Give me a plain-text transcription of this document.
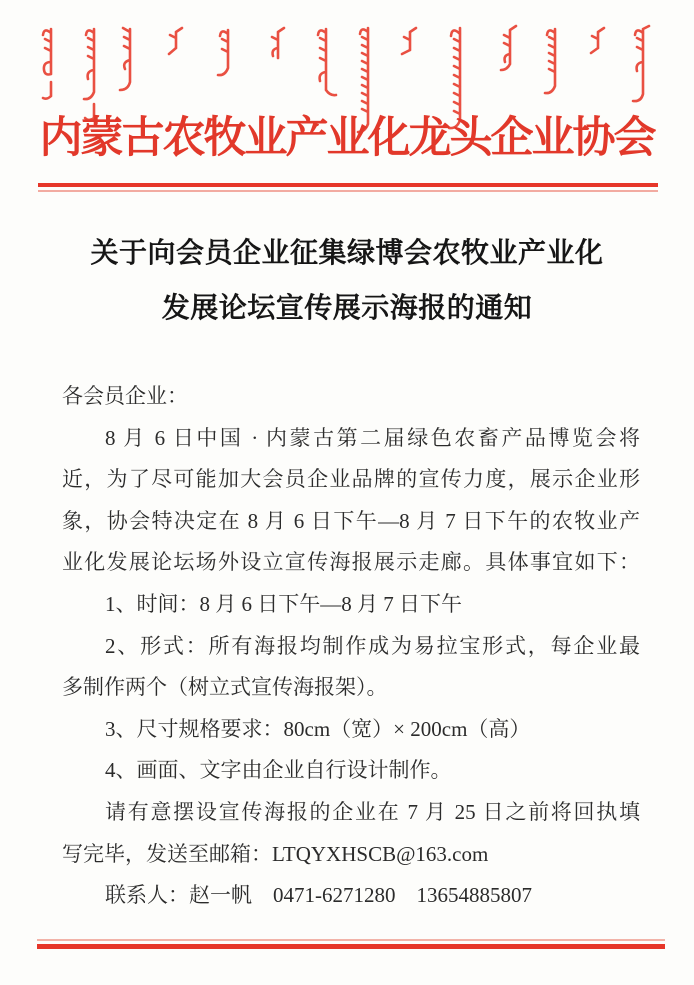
内蒙古农牧业产业化龙头企业协会
关于向会员企业征集绿博会农牧业产业化
发展论坛宣传展示海报的通知
各会员企业：
8 月 6 日中国 · 内蒙古第二届绿色农畜产品博览会将
近，为了尽可能加大会员企业品牌的宣传力度，展示企业形
象，协会特决定在 8 月 6 日下午—8 月 7 日下午的农牧业产
业化发展论坛场外设立宣传海报展示走廊。具体事宜如下：
1、时间：8 月 6 日下午—8 月 7 日下午
2、形式：所有海报均制作成为易拉宝形式，每企业最
多制作两个（树立式宣传海报架）。
3、尺寸规格要求：80cm（宽）× 200cm（高）
4、画面、文字由企业自行设计制作。
请有意摆设宣传海报的企业在 7 月 25 日之前将回执填
写完毕，发送至邮箱：LTQYXHSCB@163.com
联系人：赵一帆　0471-6271280　13654885807
